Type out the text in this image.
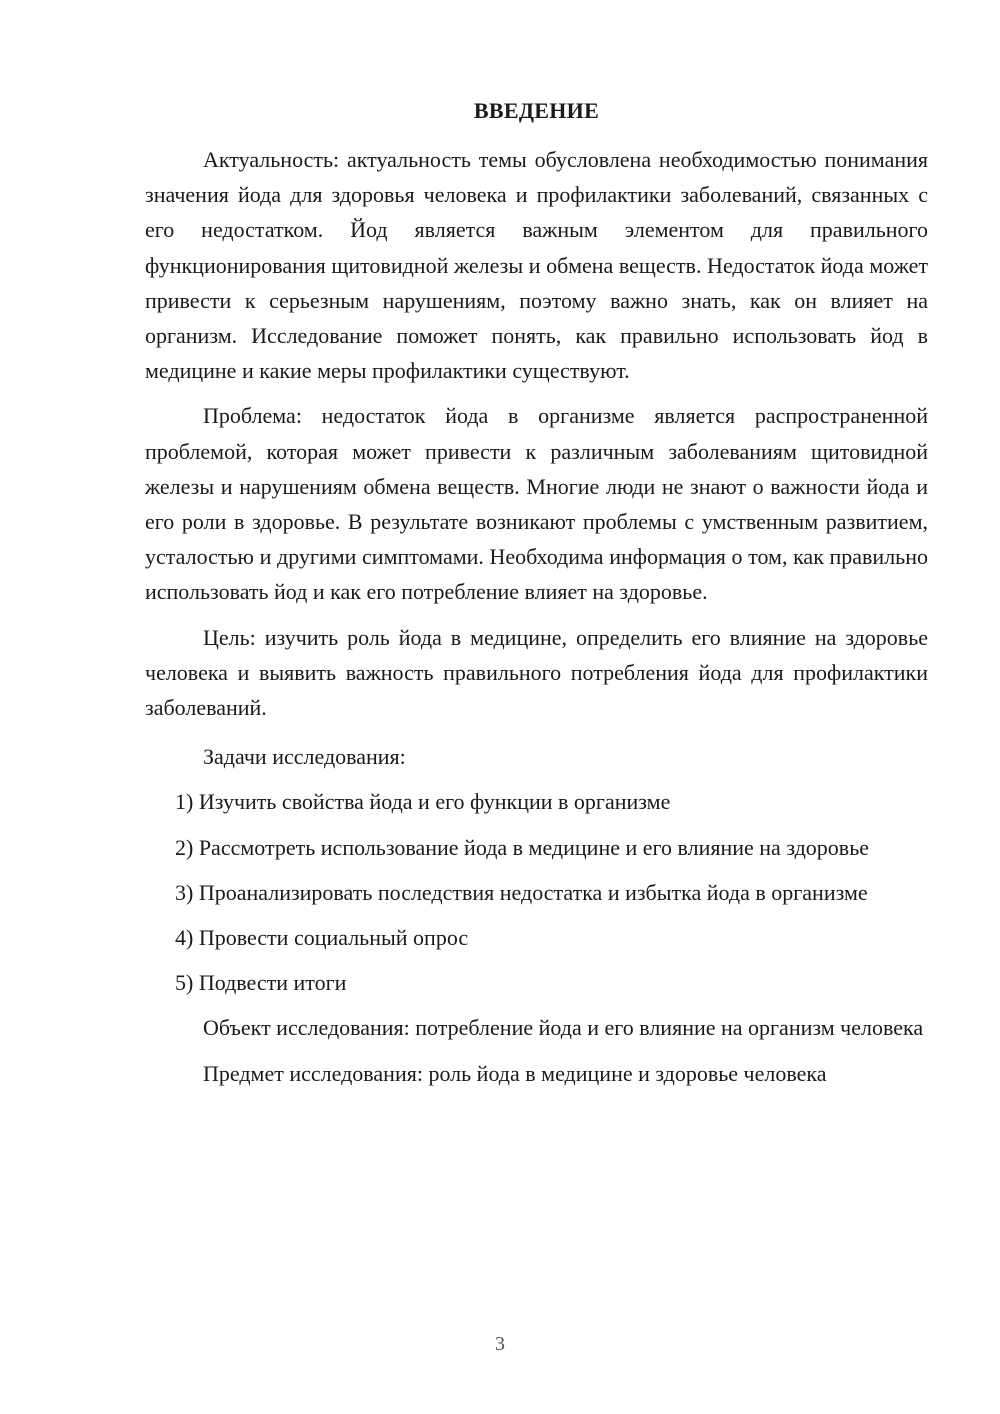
ВВЕДЕНИЕ

Актуальность: актуальность темы обусловлена необходимостью понимания значения йода для здоровья человека и профилактики заболеваний, связанных с его недостатком. Йод является важным элементом для правильного функционирования щитовидной железы и обмена веществ. Недостаток йода может привести к серьезным нарушениям, поэтому важно знать, как он влияет на организм. Исследование поможет понять, как правильно использовать йод в медицине и какие меры профилактики существуют.

Проблема: недостаток йода в организме является распространенной проблемой, которая может привести к различным заболеваниям щитовидной железы и нарушениям обмена веществ. Многие люди не знают о важности йода и его роли в здоровье. В результате возникают проблемы с умственным развитием, усталостью и другими симптомами. Необходима информация о том, как правильно использовать йод и как его потребление влияет на здоровье.

Цель: изучить роль йода в медицине, определить его влияние на здоровье человека и выявить важность правильного потребления йода для профилактики заболеваний.

Задачи исследования:

1) Изучить свойства йода и его функции в организме

2) Рассмотреть использование йода в медицине и его влияние на здоровье

3) Проанализировать последствия недостатка и избытка йода в организме

4) Провести социальный опрос

5) Подвести итоги

Объект исследования: потребление йода и его влияние на организм человека

Предмет исследования: роль йода в медицине и здоровье человека

3
